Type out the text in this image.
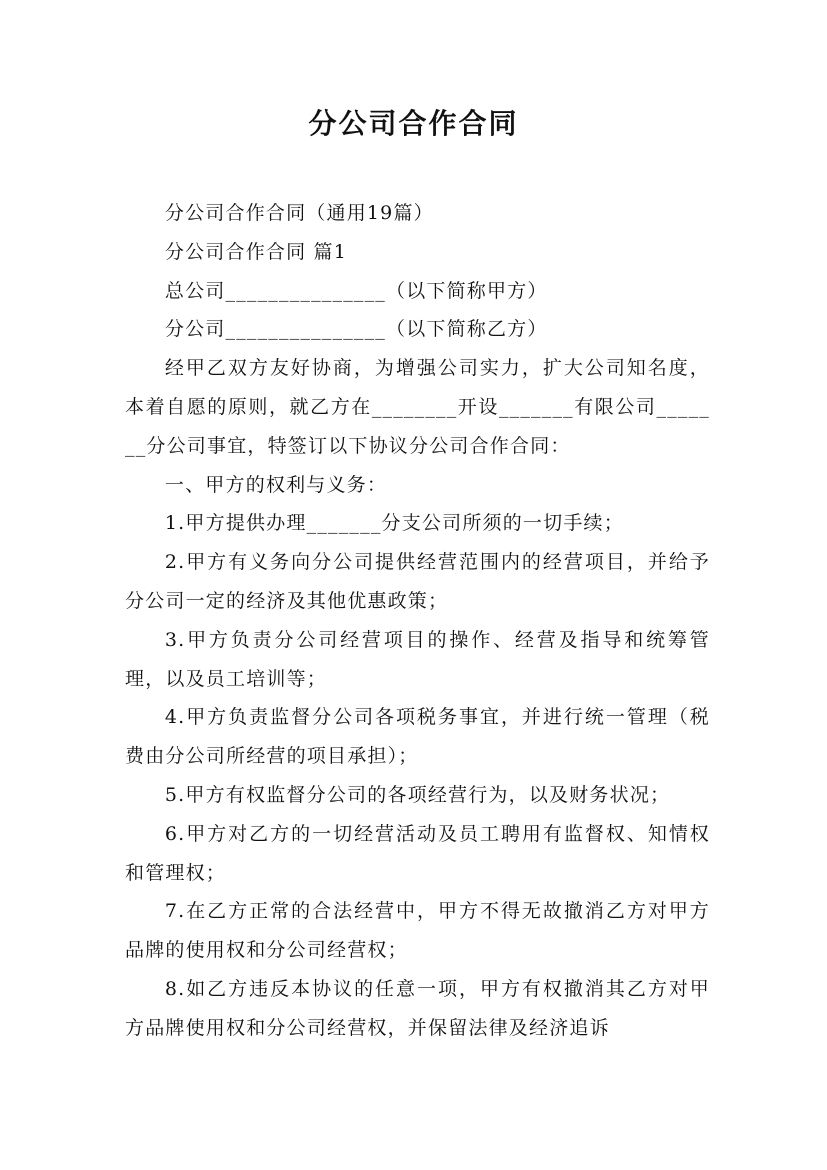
分公司合作合同

分公司合作合同（通用19篇）

分公司合作合同 篇1

总公司_______________（以下简称甲方）

分公司_______________（以下简称乙方）

经甲乙双方友好协商，为增强公司实力，扩大公司知名度，本着自愿的原则，就乙方在________开设_______有限公司_______分公司事宜，特签订以下协议分公司合作合同：

一、甲方的权利与义务：

1.甲方提供办理_______分支公司所须的一切手续；

2.甲方有义务向分公司提供经营范围内的经营项目，并给予分公司一定的经济及其他优惠政策；

3.甲方负责分公司经营项目的操作、经营及指导和统筹管理，以及员工培训等；

4.甲方负责监督分公司各项税务事宜，并进行统一管理（税费由分公司所经营的项目承担）；

5.甲方有权监督分公司的各项经营行为，以及财务状况；

6.甲方对乙方的一切经营活动及员工聘用有监督权、知情权和管理权；

7.在乙方正常的合法经营中，甲方不得无故撤消乙方对甲方品牌的使用权和分公司经营权；

8.如乙方违反本协议的任意一项，甲方有权撤消其乙方对甲方品牌使用权和分公司经营权，并保留法律及经济追诉
